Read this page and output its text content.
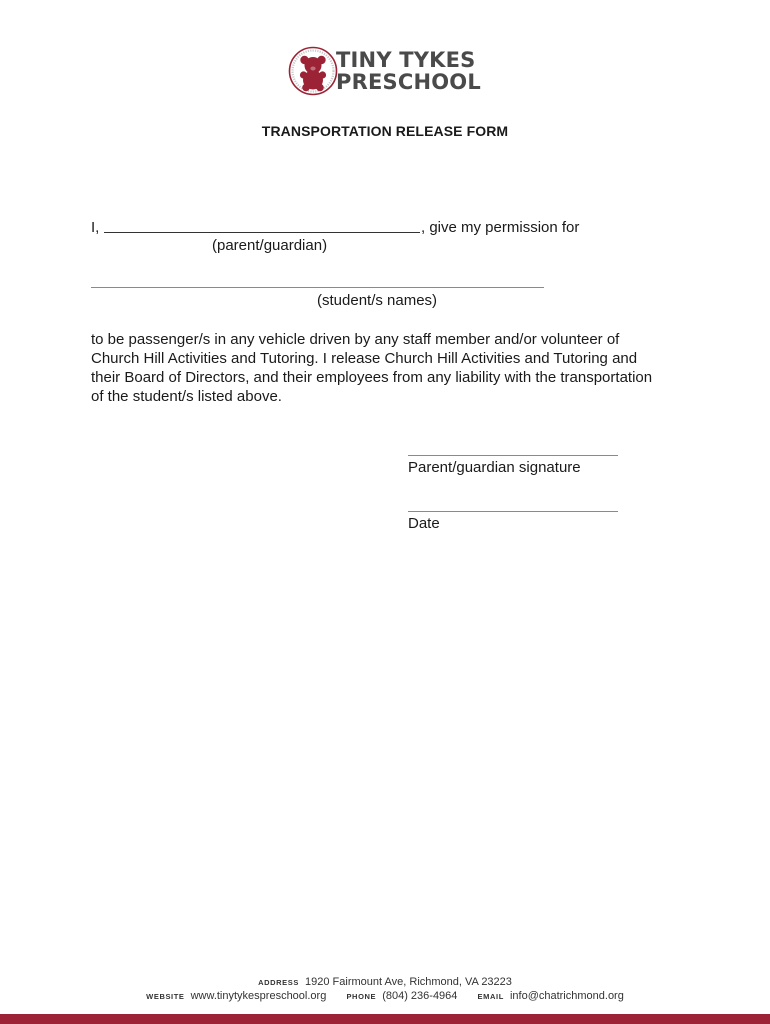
TINY TYKES
PRESCHOOL
TRANSPORTATION RELEASE FORM
I,	, give my permission for
(parent/guardian)
(student/s names)
to be passenger/s in any vehicle driven by any staff member and/or volunteer of
Church Hill Activities and Tutoring. I release Church Hill Activities and Tutoring and
their Board of Directors, and their employees from any liability with the transportation
of the student/s listed above.
Parent/guardian signature
Date
ADDRESS 1920 Fairmount Ave, Richmond, VA 23223
WEBSITE www.tinytykespreschool.org	PHONE (804) 236-4964	EMAIL info@chatrichmond.org
